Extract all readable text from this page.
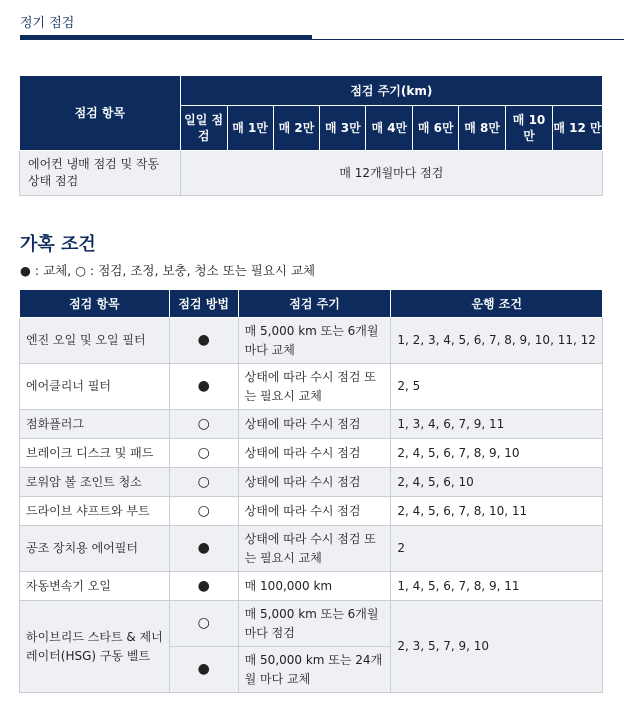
정기 점검
점검 항목	점검 주기(km)								
	일일 점검	매 1만	매 2만	매 3만	매 4만	매 6만	매 8만	매 10 만	매 12 만
에어컨 냉매 점검 및 작동 상태 점검	매 12개월마다 점검								
가혹 조건
● : 교체, ○ : 점검, 조정, 보충, 청소 또는 필요시 교체
점검 항목	점검 방법	점검 주기	운행 조건
엔진 오일 및 오일 필터	●	매 5,000 km 또는 6개월마다 교체	1, 2, 3, 4, 5, 6, 7, 8, 9, 10, 11, 12
에어클리너 필터	●	상태에 따라 수시 점검 또는 필요시 교체	2, 5
점화플러그	○	상태에 따라 수시 점검	1, 3, 4, 6, 7, 9, 11
브레이크 디스크 및 패드	○	상태에 따라 수시 점검	2, 4, 5, 6, 7, 8, 9, 10
로워암 볼 조인트 청소	○	상태에 따라 수시 점검	2, 4, 5, 6, 10
드라이브 샤프트와 부트	○	상태에 따라 수시 점검	2, 4, 5, 6, 7, 8, 10, 11
공조 장치용 에어필터	●	상태에 따라 수시 점검 또는 필요시 교체	2
자동변속기 오일	●	매 100,000 km	1, 4, 5, 6, 7, 8, 9, 11
하이브리드 스타트 & 제너레이터(HSG) 구동 벨트	○	매 5,000 km 또는 6개월 마다 점검	2, 3, 5, 7, 9, 10
	●	매 50,000 km 또는 24개월 마다 교체	
